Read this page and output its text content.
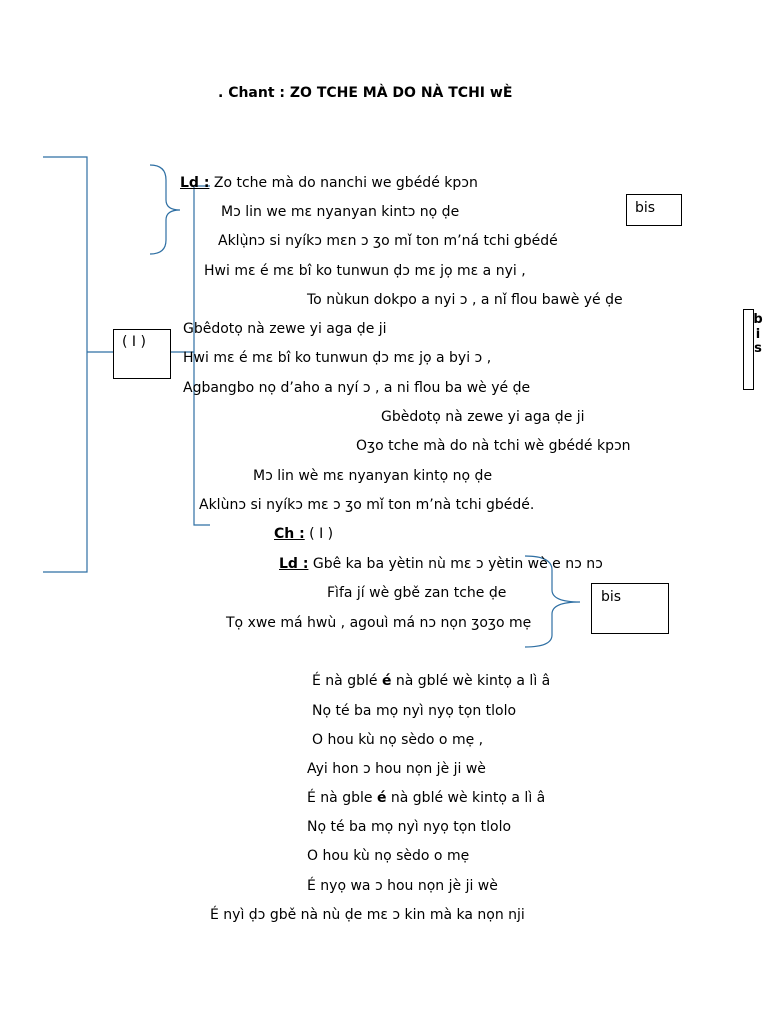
. Chant : ZO TCHE MÀ DO NÀ TCHI wÈ
Ld : Zo tche mà do nanchi we gbédé kpɔn
Mɔ lin we mɛ nyanyan kintɔ nọ ḍe
Aklụ̀nɔ si nyíkɔ mɛn ɔ ʒo mǐ ton m’ná tchi gbédé
Hwi mɛ é mɛ bî ko tunwun ḍɔ mɛ jọ mɛ a nyi ,
To nùkun dokpo a nyi ɔ , a nǐ flou bawè yé ḍe
Gbêdotọ nà zewe yi aga ḍe ji
Hwi mɛ é mɛ bî ko tunwun ḍɔ mɛ jọ a byi ɔ ,
Agbangbo nọ d’aho a nyí ɔ , a ni flou ba wè yé ḍe
Gbèdotọ nà zewe yi aga ḍe ji
Oʒo tche mà do nà tchi wè gbédé kpɔn
Mɔ lin wè mɛ nyanyan kintọ nọ ḍe
Aklùnɔ si nyíkɔ mɛ ɔ ʒo mǐ ton m’nà tchi gbédé.
Ch : ( I )
Ld : Gbê ka ba yètin nù mɛ ɔ yètin wè e nɔ nɔ
Fìfa jí wè gbě zan tche ḍe
Tọ xwe má hwù , agouì má nɔ nọn ʒoʒo mẹ
É nà gblé é nà gblé wè kintọ a lì â
Nọ té ba mọ nyì nyọ tọn tlolo
O hou kù nọ sèdo o mẹ ,
Ayi hon ɔ hou nọn jè ji wè
É nà gble é nà gblé wè kintọ a lì â
Nọ té ba mọ nyì nyọ tọn tlolo
O hou kù nọ sèdo o mẹ
É nyọ wa ɔ hou nọn jè ji wè
É nyì ḍɔ gbě nà nù ḍe mɛ ɔ kin mà ka nọn nji
bis
( I )
bis
b
i
s
